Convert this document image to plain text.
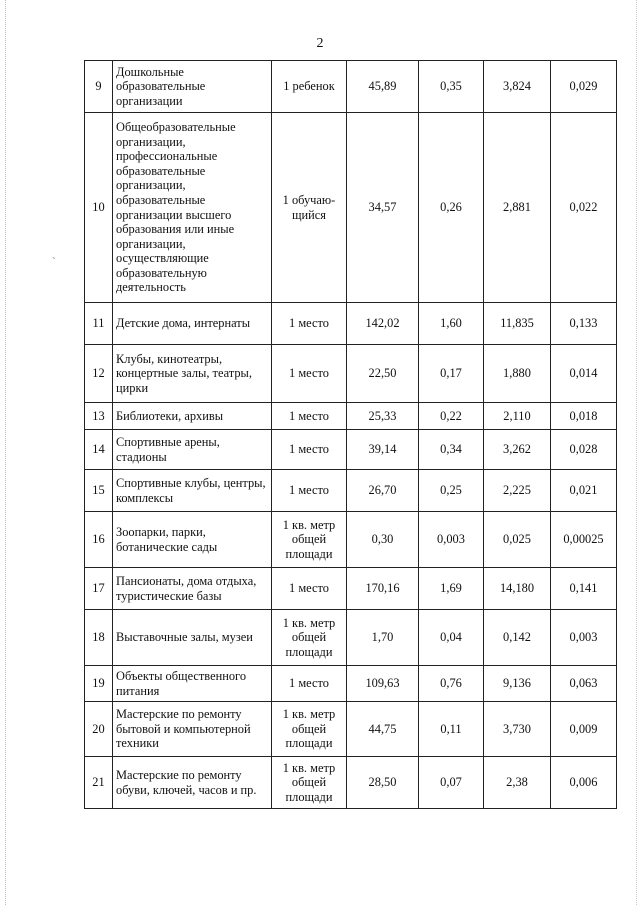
`
2
9	Дошкольные образовательные организации	1 ребенок	45,89	0,35	3,824	0,029
10	Общеобразовательные организации, профессиональные образовательные организации, образовательные организации высшего образования или иные организации, осуществляющие образовательную деятельность	1 обучаю-щийся	34,57	0,26	2,881	0,022
11	Детские дома, интернаты	1 место	142,02	1,60	11,835	0,133
12	Клубы, кинотеатры, концертные залы, театры, цирки	1 место	22,50	0,17	1,880	0,014
13	Библиотеки, архивы	1 место	25,33	0,22	2,110	0,018
14	Спортивные арены, стадионы	1 место	39,14	0,34	3,262	0,028
15	Спортивные клубы, центры, комплексы	1 место	26,70	0,25	2,225	0,021
16	Зоопарки, парки, ботанические сады	1 кв. метр общей площади	0,30	0,003	0,025	0,00025
17	Пансионаты, дома отдыха, туристические базы	1 место	170,16	1,69	14,180	0,141
18	Выставочные залы, музеи	1 кв. метр общей площади	1,70	0,04	0,142	0,003
19	Объекты общественного питания	1 место	109,63	0,76	9,136	0,063
20	Мастерские по ремонту бытовой и компьютерной техники	1 кв. метр общей площади	44,75	0,11	3,730	0,009
21	Мастерские по ремонту обуви, ключей, часов и пр.	1 кв. метр общей площади	28,50	0,07	2,38	0,006
